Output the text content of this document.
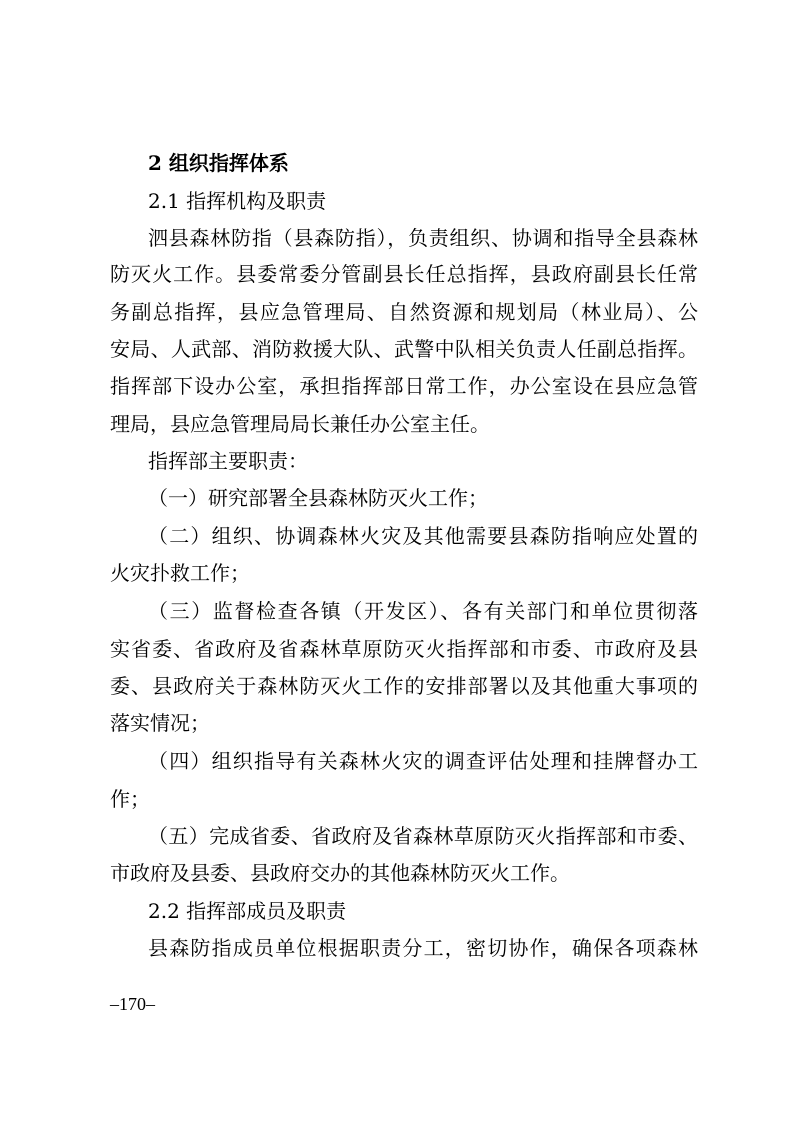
2 组织指挥体系
2.1 指挥机构及职责
泗县森林防指（县森防指），负责组织、协调和指导全县森林
防灭火工作。县委常委分管副县长任总指挥，县政府副县长任常
务副总指挥，县应急管理局、自然资源和规划局（林业局）、公
安局、人武部、消防救援大队、武警中队相关负责人任副总指挥。
指挥部下设办公室，承担指挥部日常工作，办公室设在县应急管
理局，县应急管理局局长兼任办公室主任。
指挥部主要职责：
（一）研究部署全县森林防灭火工作；
（二）组织、协调森林火灾及其他需要县森防指响应处置的
火灾扑救工作；
（三）监督检查各镇（开发区）、各有关部门和单位贯彻落
实省委、省政府及省森林草原防灭火指挥部和市委、市政府及县
委、县政府关于森林防灭火工作的安排部署以及其他重大事项的
落实情况；
（四）组织指导有关森林火灾的调查评估处理和挂牌督办工
作；
（五）完成省委、省政府及省森林草原防灭火指挥部和市委、
市政府及县委、县政府交办的其他森林防灭火工作。
2.2 指挥部成员及职责
县森防指成员单位根据职责分工，密切协作，确保各项森林
–170–
